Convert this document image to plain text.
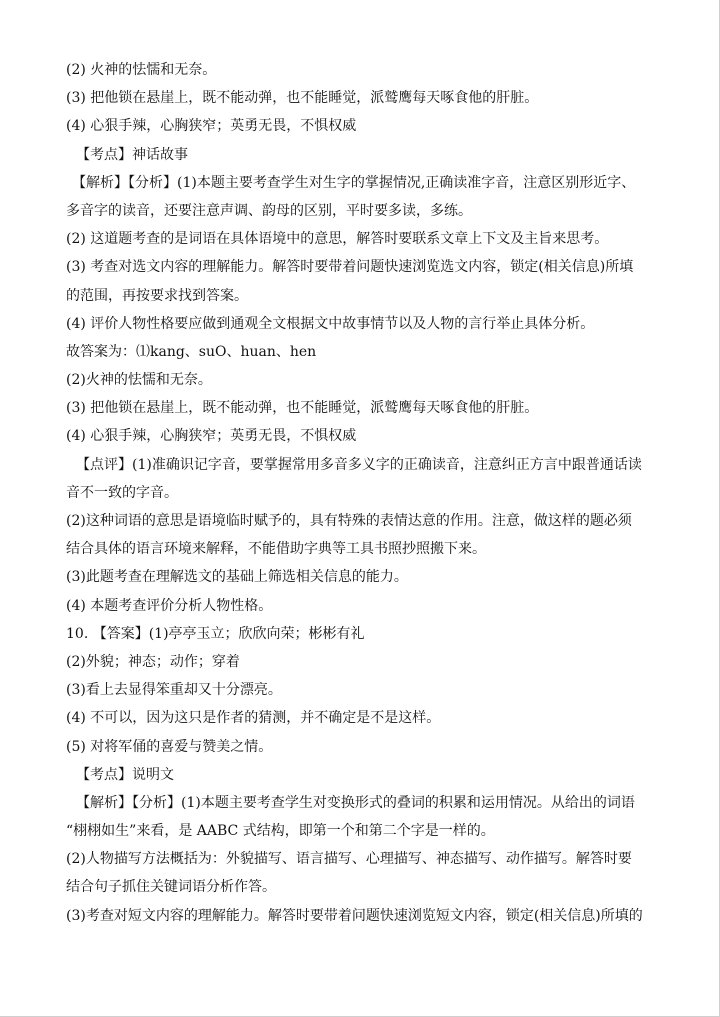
(2) 火神的怯懦和无奈。
(3) 把他锁在悬崖上，既不能动弹，也不能睡觉，派鹫鹰每天啄食他的肝脏。
(4) 心狠手辣，心胸狭窄；英勇无畏，不惧权威
【考点】神话故事
【解析】【分析】(1)本题主要考查学生对生字的掌握情况,正确读准字音，注意区别形近字、
多音字的读音，还要注意声调、韵母的区别，平时要多读，多练。
(2) 这道题考查的是词语在具体语境中的意思，解答时要联系文章上下文及主旨来思考。
(3) 考查对选文内容的理解能力。解答时要带着问题快速浏览选文内容，锁定(相关信息)所填
的范围，再按要求找到答案。
(4) 评价人物性格要应做到通观全文根据文中故事情节以及人物的言行举止具体分析。
故答案为：⑴kang、suO、huan、hen
(2)火神的怯懦和无奈。
(3) 把他锁在悬崖上，既不能动弹，也不能睡觉，派鹫鹰每天啄食他的肝脏。
(4) 心狠手辣，心胸狭窄；英勇无畏，不惧权威
【点评】(1)准确识记字音，要掌握常用多音多义字的正确读音，注意纠正方言中跟普通话读
音不一致的字音。
(2)这种词语的意思是语境临时赋予的，具有特殊的表情达意的作用。注意，做这样的题必须
结合具体的语言环境来解释，不能借助字典等工具书照抄照搬下来。
(3)此题考查在理解选文的基础上筛选相关信息的能力。
(4) 本题考查评价分析人物性格。
10. 【答案】(1)亭亭玉立；欣欣向荣；彬彬有礼
(2)外貌；神态；动作；穿着
(3)看上去显得笨重却又十分漂亮。
(4) 不可以，因为这只是作者的猜测，并不确定是不是这样。
(5) 对将军俑的喜爱与赞美之情。
【考点】说明文
【解析】【分析】(1)本题主要考查学生对变换形式的叠词的积累和运用情况。从给出的词语
“栩栩如生”来看，是 AABC 式结构，即第一个和第二个字是一样的。
(2)人物描写方法概括为：外貌描写、语言描写、心理描写、神态描写、动作描写。解答时要
结合句子抓住关键词语分析作答。
(3)考查对短文内容的理解能力。解答时要带着问题快速浏览短文内容，锁定(相关信息)所填的
